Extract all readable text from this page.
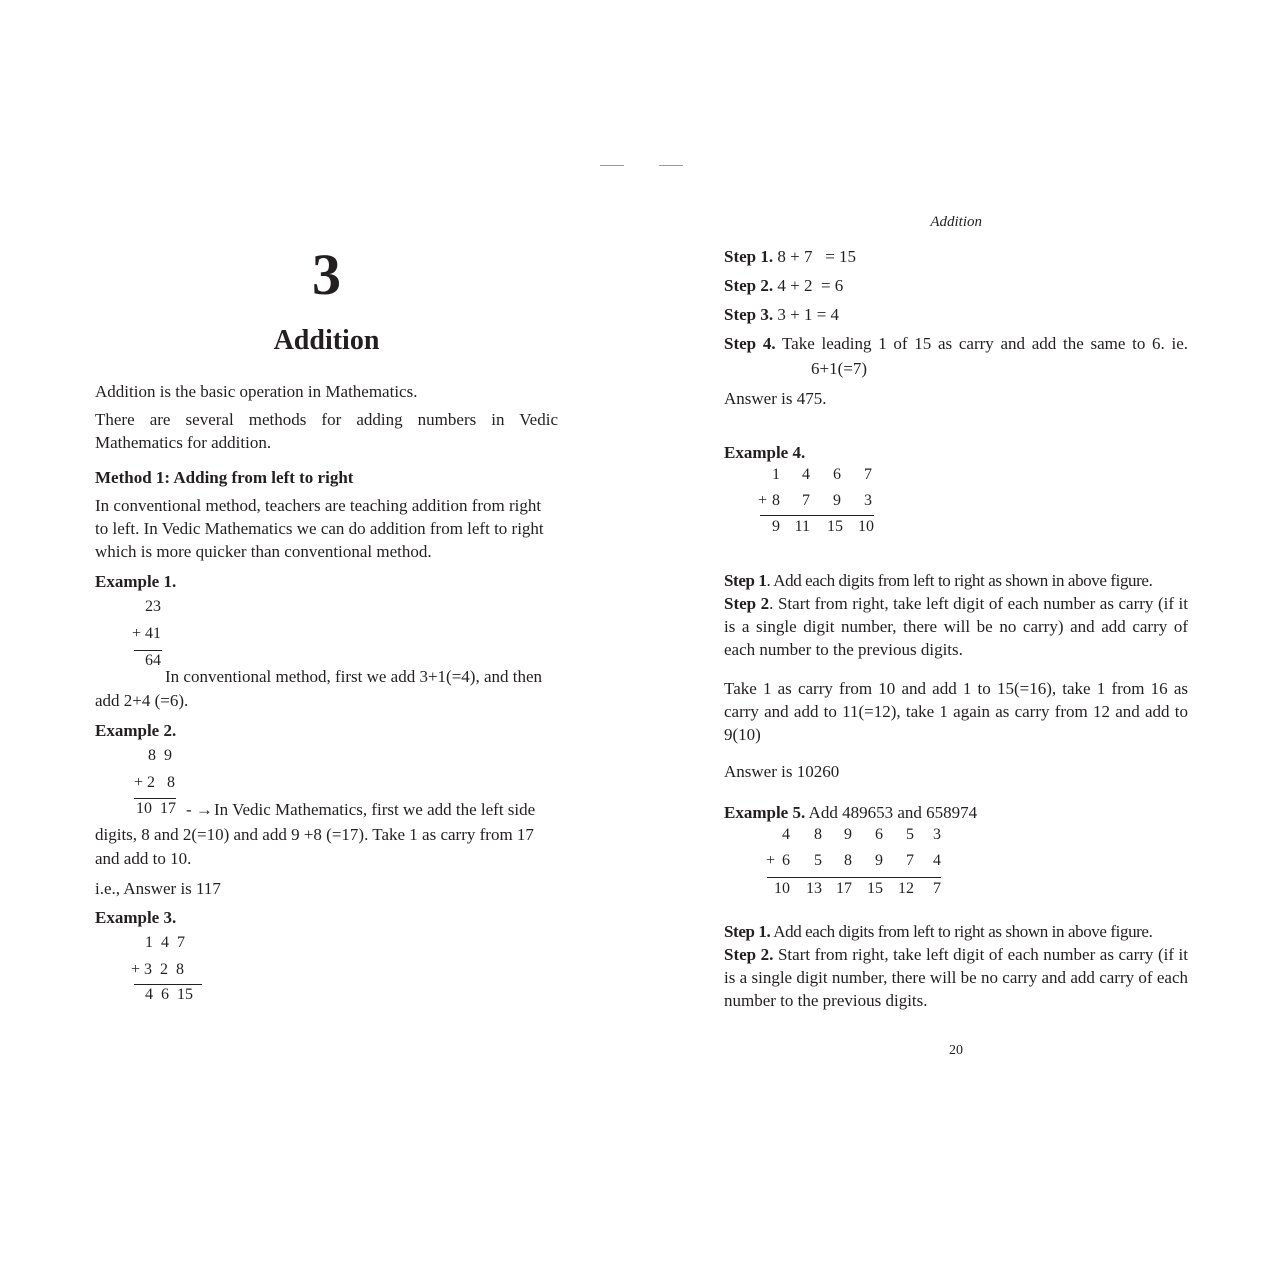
3
Addition
Addition is the basic operation in Mathematics.
There are several methods for adding numbers in Vedic Mathematics for addition.
Method 1: Adding from left to right
In conventional method, teachers are teaching addition from right to left. In Vedic Mathematics we can do addition from left to right which is more quicker than conventional method.
Example 1.
23
+ 41
64
In conventional method, first we add 3+1(=4), and then
add 2+4 (=6).
Example 2.
8  9
+ 2   8
10  17 - → In Vedic Mathematics, first we add the left side
digits, 8 and 2(=10) and add 9 +8 (=17). Take 1 as carry from 17
and add to 10.
i.e., Answer is 117
Example 3.
1  4  7
+ 3  2  8
4  6  15
Addition
Step 1. 8 + 7   = 15
Step 2. 4 + 2  = 6
Step 3. 3 + 1 = 4
Step 4. Take leading 1 of 15 as carry and add the same to 6. ie.
6+1(=7)
Answer is 475.
Example 4.
1	4	6	7
+ 8	7	9	3
9 11	15 10
Step 1. Add each digits from left to right as shown in above figure.
Step 2. Start from right, take left digit of each number as carry (if it is a single digit number, there will be no carry) and add carry of each number to the previous digits.
Take 1 as carry from 10 and add 1 to 15(=16), take 1 from 16 as carry and add to 11(=12), take 1 again as carry from 12 and add to 9(10)
Answer is 10260
Example 5. Add 489653 and 658974
4	8	9	6	5	3
+ 6	5	8	9	7	4
10	13 17 15 12	7
Step 1. Add each digits from left to right as shown in above figure.
Step 2. Start from right, take left digit of each number as carry (if it is a single digit number, there will be no carry and add carry of each number to the previous digits.
20
